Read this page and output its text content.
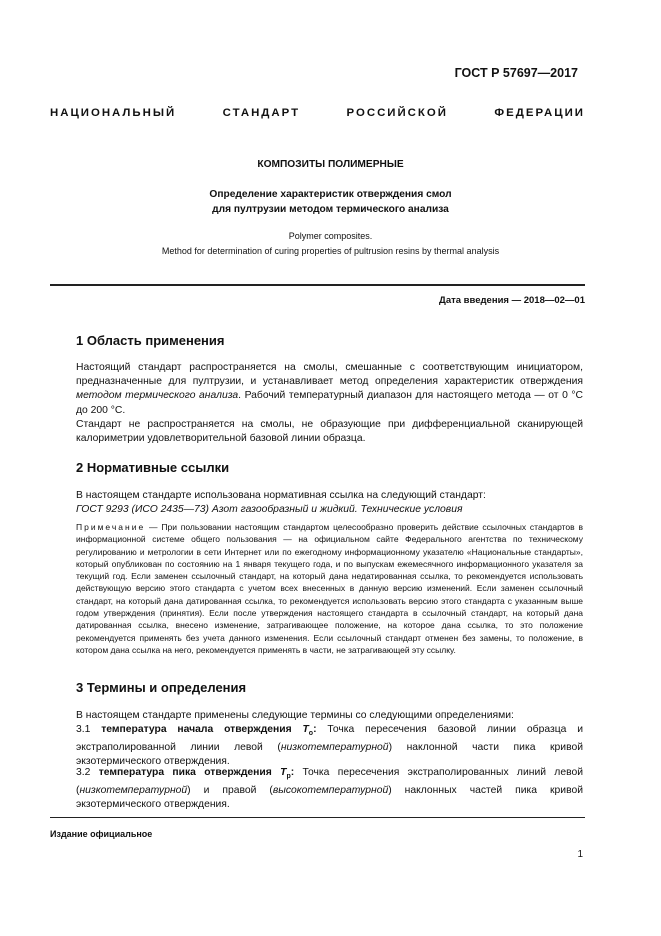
ГОСТ Р 57697—2017
НАЦИОНАЛЬНЫЙ	СТАНДАРТ	РОССИЙСКОЙ	ФЕДЕРАЦИИ
КОМПОЗИТЫ ПОЛИМЕРНЫЕ
Определение характеристик отверждения смол
для пултрузии методом термического анализа
Polymer composites.
Method for determination of curing properties of pultrusion resins by thermal analysis
Дата введения — 2018—02—01
1 Область применения

Настоящий стандарт распространяется на смолы, смешанные с соответствующим инициатором, предназначенные для пултрузии, и устанавливает метод определения характеристик отверждения методом термического анализа. Рабочий температурный диапазон для настоящего метода — от 0 °С до 200 °С.

Стандарт не распространяется на смолы, не образующие при дифференциальной сканирующей калориметрии удовлетворительной базовой линии образца.

2 Нормативные ссылки

В настоящем стандарте использована нормативная ссылка на следующий стандарт:

ГОСТ 9293 (ИСО 2435—73) Азот газообразный и жидкий. Технические условия

Примечание — При пользовании настоящим стандартом целесообразно проверить действие ссылочных стандартов в информационной системе общего пользования — на официальном сайте Федерального агентства по техническому регулированию и метрологии в сети Интернет или по ежегодному информационному указателю «Национальные стандарты», который опубликован по состоянию на 1 января текущего года, и по выпускам ежемесячного информационного указателя за текущий год. Если заменен ссылочный стандарт, на который дана недатированная ссылка, то рекомендуется использовать действующую версию этого стандарта с учетом всех внесенных в данную версию изменений. Если заменен ссылочный стандарт, на который дана датированная ссылка, то рекомендуется использовать версию этого стандарта с указанным выше годом утверждения (принятия). Если после утверждения настоящего стандарта в ссылочный стандарт, на который дана датированная ссылка, внесено изменение, затрагивающее положение, на которое дана ссылка, то это положение рекомендуется применять без учета данного изменения. Если ссылочный стандарт отменен без замены, то положение, в котором дана ссылка на него, рекомендуется применять в части, не затрагивающей эту ссылку.

3 Термины и определения

В настоящем стандарте применены следующие термины со следующими определениями:

3.1 температура начала отверждения $T_o$: Точка пересечения базовой линии образца и экстраполированной линии левой (низкотемпературной) наклонной части пика кривой экзотермического отверждения.

3.2 температура пика отверждения $T_p$: Точка пересечения экстраполированных линий левой (низкотемпературной) и правой (высокотемпературной) наклонных частей пика кривой экзотермического отверждения.

Издание официальное
1
